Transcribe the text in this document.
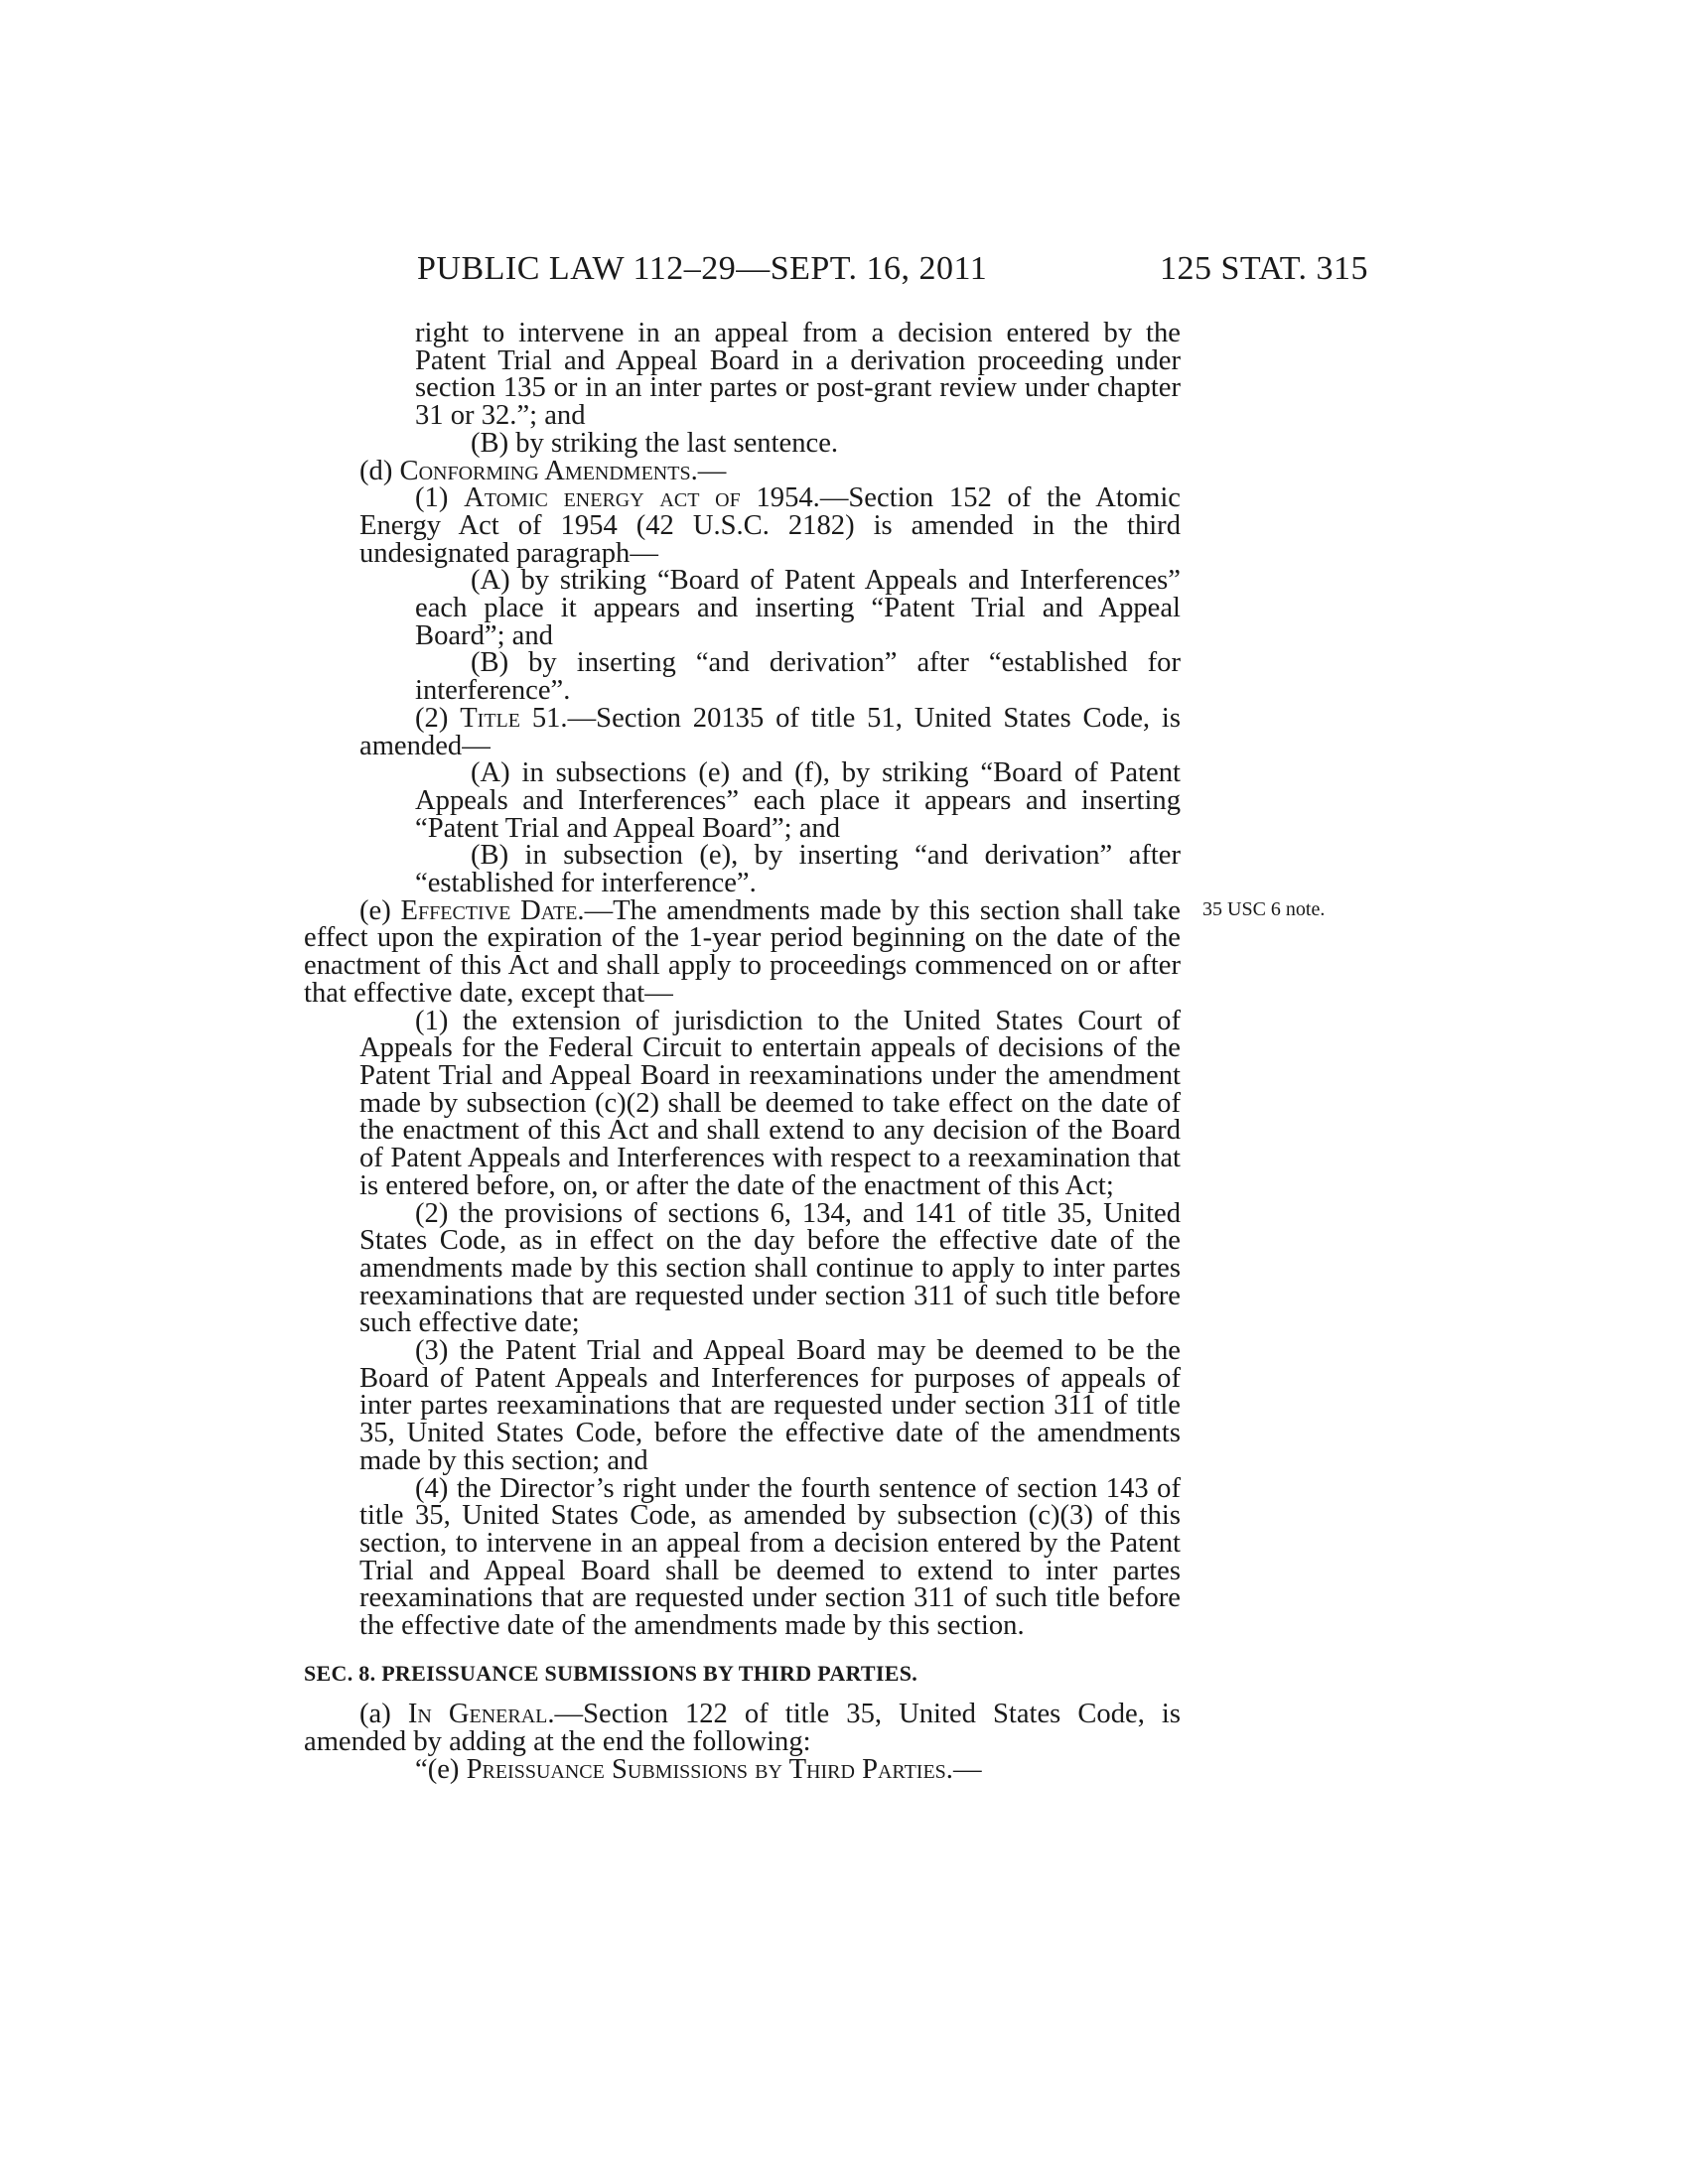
PUBLIC LAW 112–29—SEPT. 16, 2011	125 STAT. 315
35 USC 6 note.

right to intervene in an appeal from a decision entered by the Patent Trial and Appeal Board in a derivation proceeding under section 135 or in an inter partes or post-grant review under chapter 31 or 32.”; and

(B) by striking the last sentence.

(d) Conforming Amendments.—

(1) Atomic energy act of 1954.—Section 152 of the Atomic Energy Act of 1954 (42 U.S.C. 2182) is amended in the third undesignated paragraph—

(A) by striking “Board of Patent Appeals and Interferences” each place it appears and inserting “Patent Trial and Appeal Board”; and

(B) by inserting “and derivation” after “established for interference”.

(2) Title 51.—Section 20135 of title 51, United States Code, is amended—

(A) in subsections (e) and (f), by striking “Board of Patent Appeals and Interferences” each place it appears and inserting “Patent Trial and Appeal Board”; and

(B) in subsection (e), by inserting “and derivation” after “established for interference”.

(e) Effective Date.—The amendments made by this section shall take effect upon the expiration of the 1-year period beginning on the date of the enactment of this Act and shall apply to proceedings commenced on or after that effective date, except that—

(1) the extension of jurisdiction to the United States Court of Appeals for the Federal Circuit to entertain appeals of decisions of the Patent Trial and Appeal Board in reexaminations under the amendment made by subsection (c)(2) shall be deemed to take effect on the date of the enactment of this Act and shall extend to any decision of the Board of Patent Appeals and Interferences with respect to a reexamination that is entered before, on, or after the date of the enactment of this Act;

(2) the provisions of sections 6, 134, and 141 of title 35, United States Code, as in effect on the day before the effective date of the amendments made by this section shall continue to apply to inter partes reexaminations that are requested under section 311 of such title before such effective date;

(3) the Patent Trial and Appeal Board may be deemed to be the Board of Patent Appeals and Interferences for purposes of appeals of inter partes reexaminations that are requested under section 311 of title 35, United States Code, before the effective date of the amendments made by this section; and

(4) the Director’s right under the fourth sentence of section 143 of title 35, United States Code, as amended by subsection (c)(3) of this section, to intervene in an appeal from a decision entered by the Patent Trial and Appeal Board shall be deemed to extend to inter partes reexaminations that are requested under section 311 of such title before the effective date of the amendments made by this section.

SEC. 8. PREISSUANCE SUBMISSIONS BY THIRD PARTIES.

(a) In General.—Section 122 of title 35, United States Code, is amended by adding at the end the following:

“(e) Preissuance Submissions by Third Parties.—
